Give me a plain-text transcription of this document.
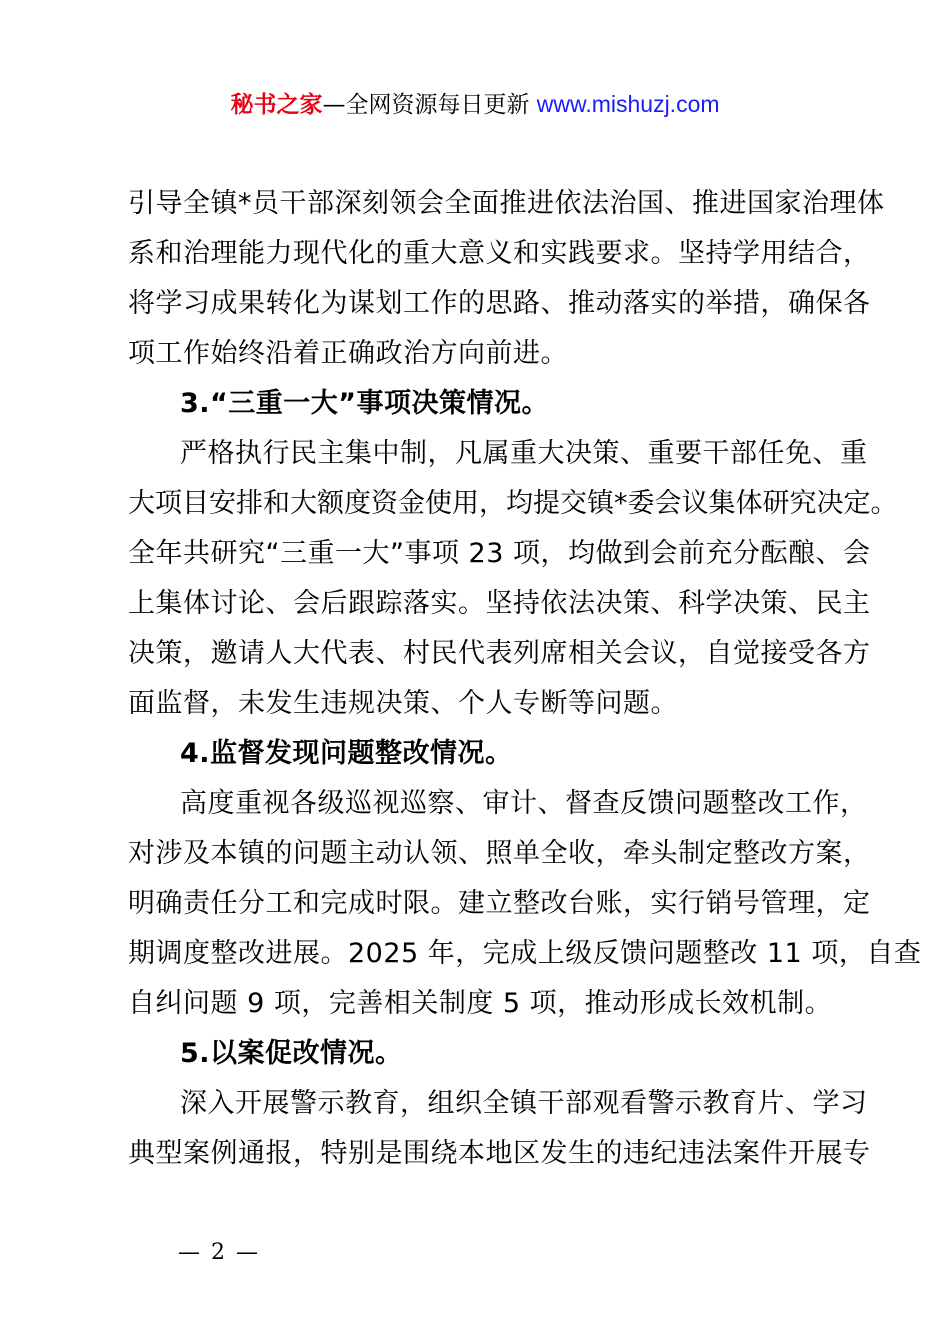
秘书之家—全网资源每日更新 www.mishuzj.com
引导全镇*员干部深刻领会全面推进依法治国、推进国家治理体
系和治理能力现代化的重大意义和实践要求。坚持学用结合，
将学习成果转化为谋划工作的思路、推动落实的举措，确保各
项工作始终沿着正确政治方向前进。
3.“三重一大”事项决策情况。
严格执行民主集中制，凡属重大决策、重要干部任免、重
大项目安排和大额度资金使用，均提交镇*委会议集体研究决定。
全年共研究“三重一大”事项 23 项，均做到会前充分酝酿、会
上集体讨论、会后跟踪落实。坚持依法决策、科学决策、民主
决策，邀请人大代表、村民代表列席相关会议，自觉接受各方
面监督，未发生违规决策、个人专断等问题。
4.监督发现问题整改情况。
高度重视各级巡视巡察、审计、督查反馈问题整改工作，
对涉及本镇的问题主动认领、照单全收，牵头制定整改方案，
明确责任分工和完成时限。建立整改台账，实行销号管理，定
期调度整改进展。2025 年，完成上级反馈问题整改 11 项，自查
自纠问题 9 项，完善相关制度 5 项，推动形成长效机制。
5.以案促改情况。
深入开展警示教育，组织全镇干部观看警示教育片、学习
典型案例通报，特别是围绕本地区发生的违纪违法案件开展专
— 2 —
